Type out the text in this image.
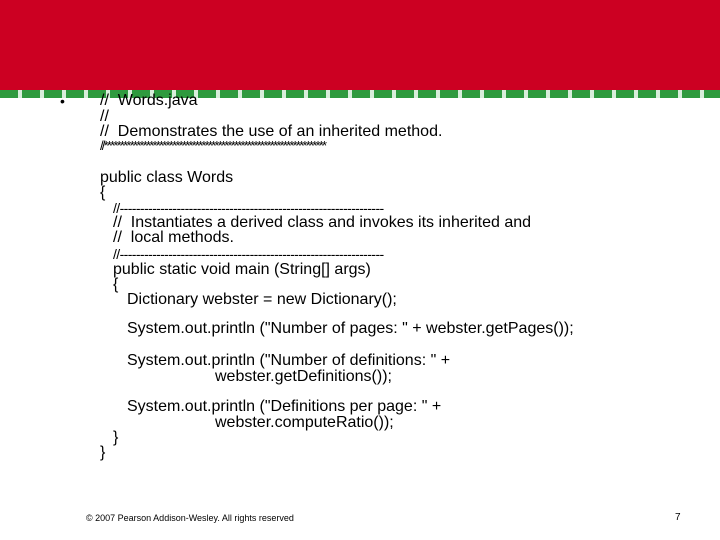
• //  Words.java

//

//  Demonstrates the use of an inherited method.

//********************************************************************

public class Words

{

//-----------------------------------------------------------------

//  Instantiates a derived class and invokes its inherited and

//  local methods.

//-----------------------------------------------------------------

public static void main (String[] args)

{

Dictionary webster = new Dictionary();

System.out.println ("Number of pages: " + webster.getPages());

System.out.println ("Number of definitions: " +

webster.getDefinitions());

System.out.println ("Definitions per page: " +

webster.computeRatio());

}

}

© 2007 Pearson Addison-Wesley. All rights reserved	7
